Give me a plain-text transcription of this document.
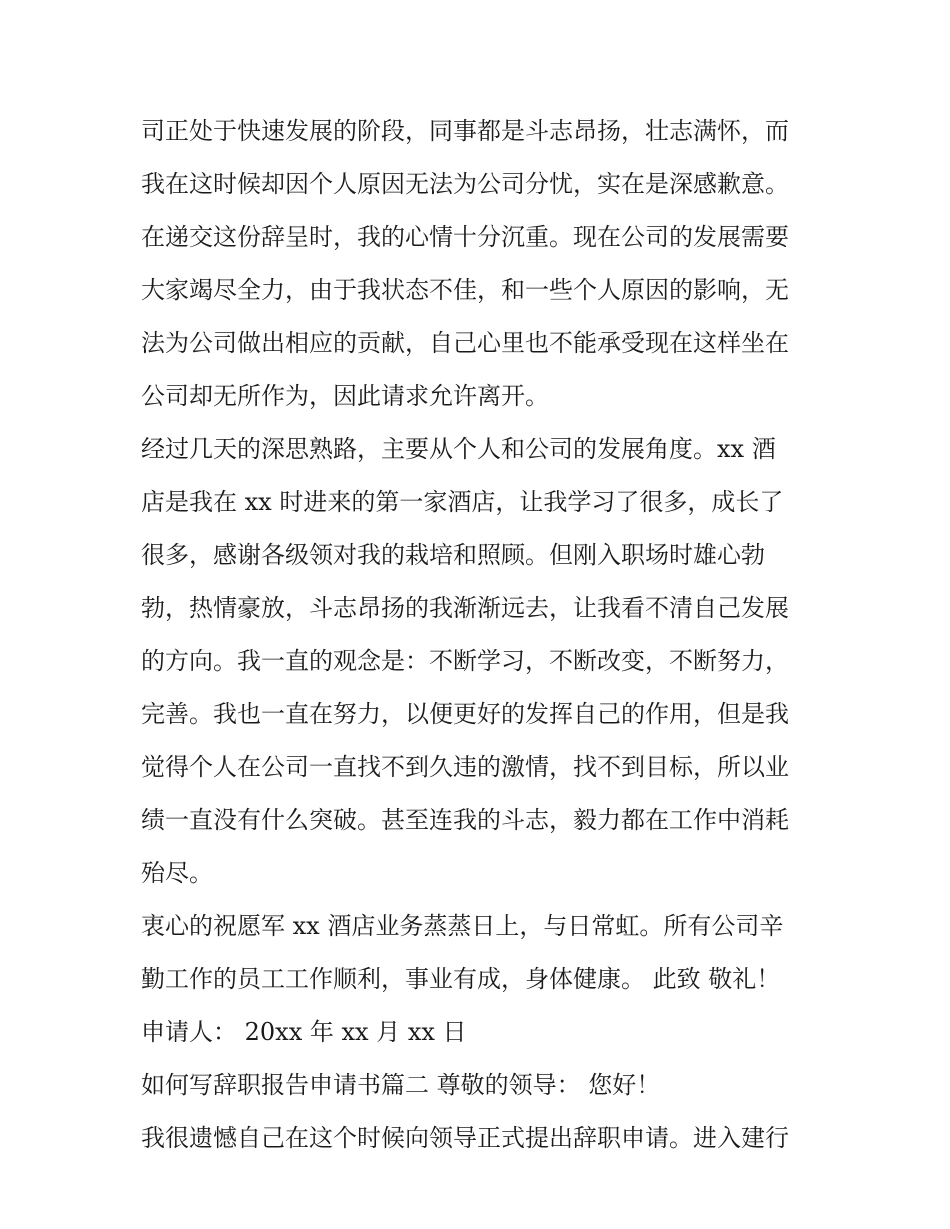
司正处于快速发展的阶段，同事都是斗志昂扬，壮志满怀，而

我在这时候却因个人原因无法为公司分忧，实在是深感歉意。

在递交这份辞呈时，我的心情十分沉重。现在公司的发展需要

大家竭尽全力，由于我状态不佳，和一些个人原因的影响，无

法为公司做出相应的贡献，自己心里也不能承受现在这样坐在

公司却无所作为，因此请求允许离开。

经过几天的深思熟路，主要从个人和公司的发展角度。xx 酒

店是我在 xx 时进来的第一家酒店，让我学习了很多，成长了

很多，感谢各级领对我的栽培和照顾。但刚入职场时雄心勃

勃，热情豪放，斗志昂扬的我渐渐远去，让我看不清自己发展

的方向。我一直的观念是：不断学习，不断改变，不断努力，

完善。我也一直在努力，以便更好的发挥自己的作用，但是我

觉得个人在公司一直找不到久违的激情，找不到目标，所以业

绩一直没有什么突破。甚至连我的斗志，毅力都在工作中消耗

殆尽。

衷心的祝愿军 xx 酒店业务蒸蒸日上，与日常虹。所有公司辛

勤工作的员工工作顺利，事业有成，身体健康。 此致 敬礼！

申请人： 20xx 年 xx 月 xx 日

如何写辞职报告申请书篇二 尊敬的领导： 您好！

我很遗憾自己在这个时候向领导正式提出辞职申请。进入建行
